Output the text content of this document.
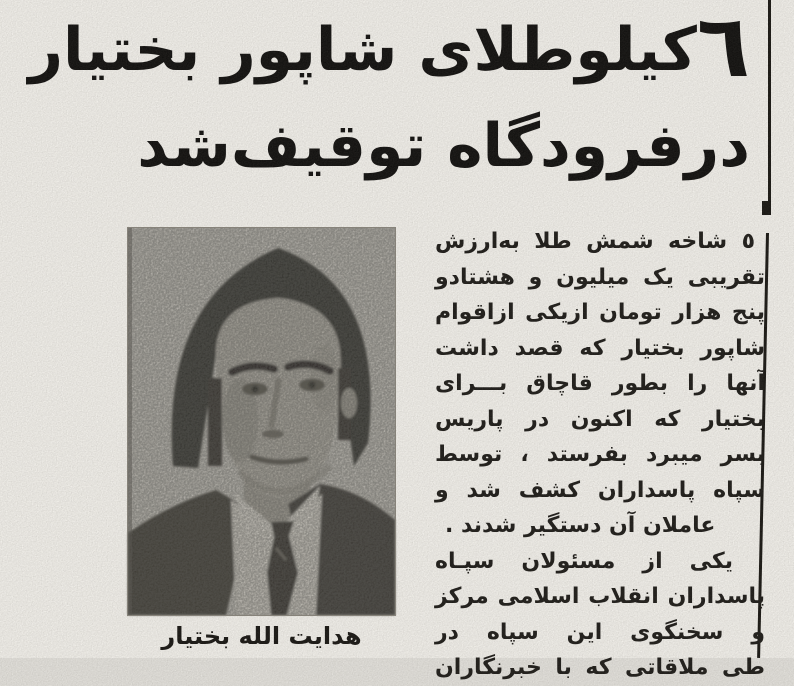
٦کیلوطلای شاپور بختیار
درفرودگاه توقیف‌شد
هدایت الله بختیار
٥ شاخه شمش طلا به‌ارزش
تقریبی یک میلیون و هشتادو
پنج هزار تومان ازیکی ازاقوام
شاپور بختیار که قصد داشت
آنها را بطور قاچاق بـــرای
بختیار که اکنون در پاریس
بسر میبرد بفرستد ، توسط
سپاه پاسداران کشف شد و
عاملان آن دستگیر شدند .
یکی از مسئولان سپـاه
پاسداران انقلاب اسلامی مرکز
و سخنگوی این سپاه در
طی ملاقاتی که با خبرنگاران
